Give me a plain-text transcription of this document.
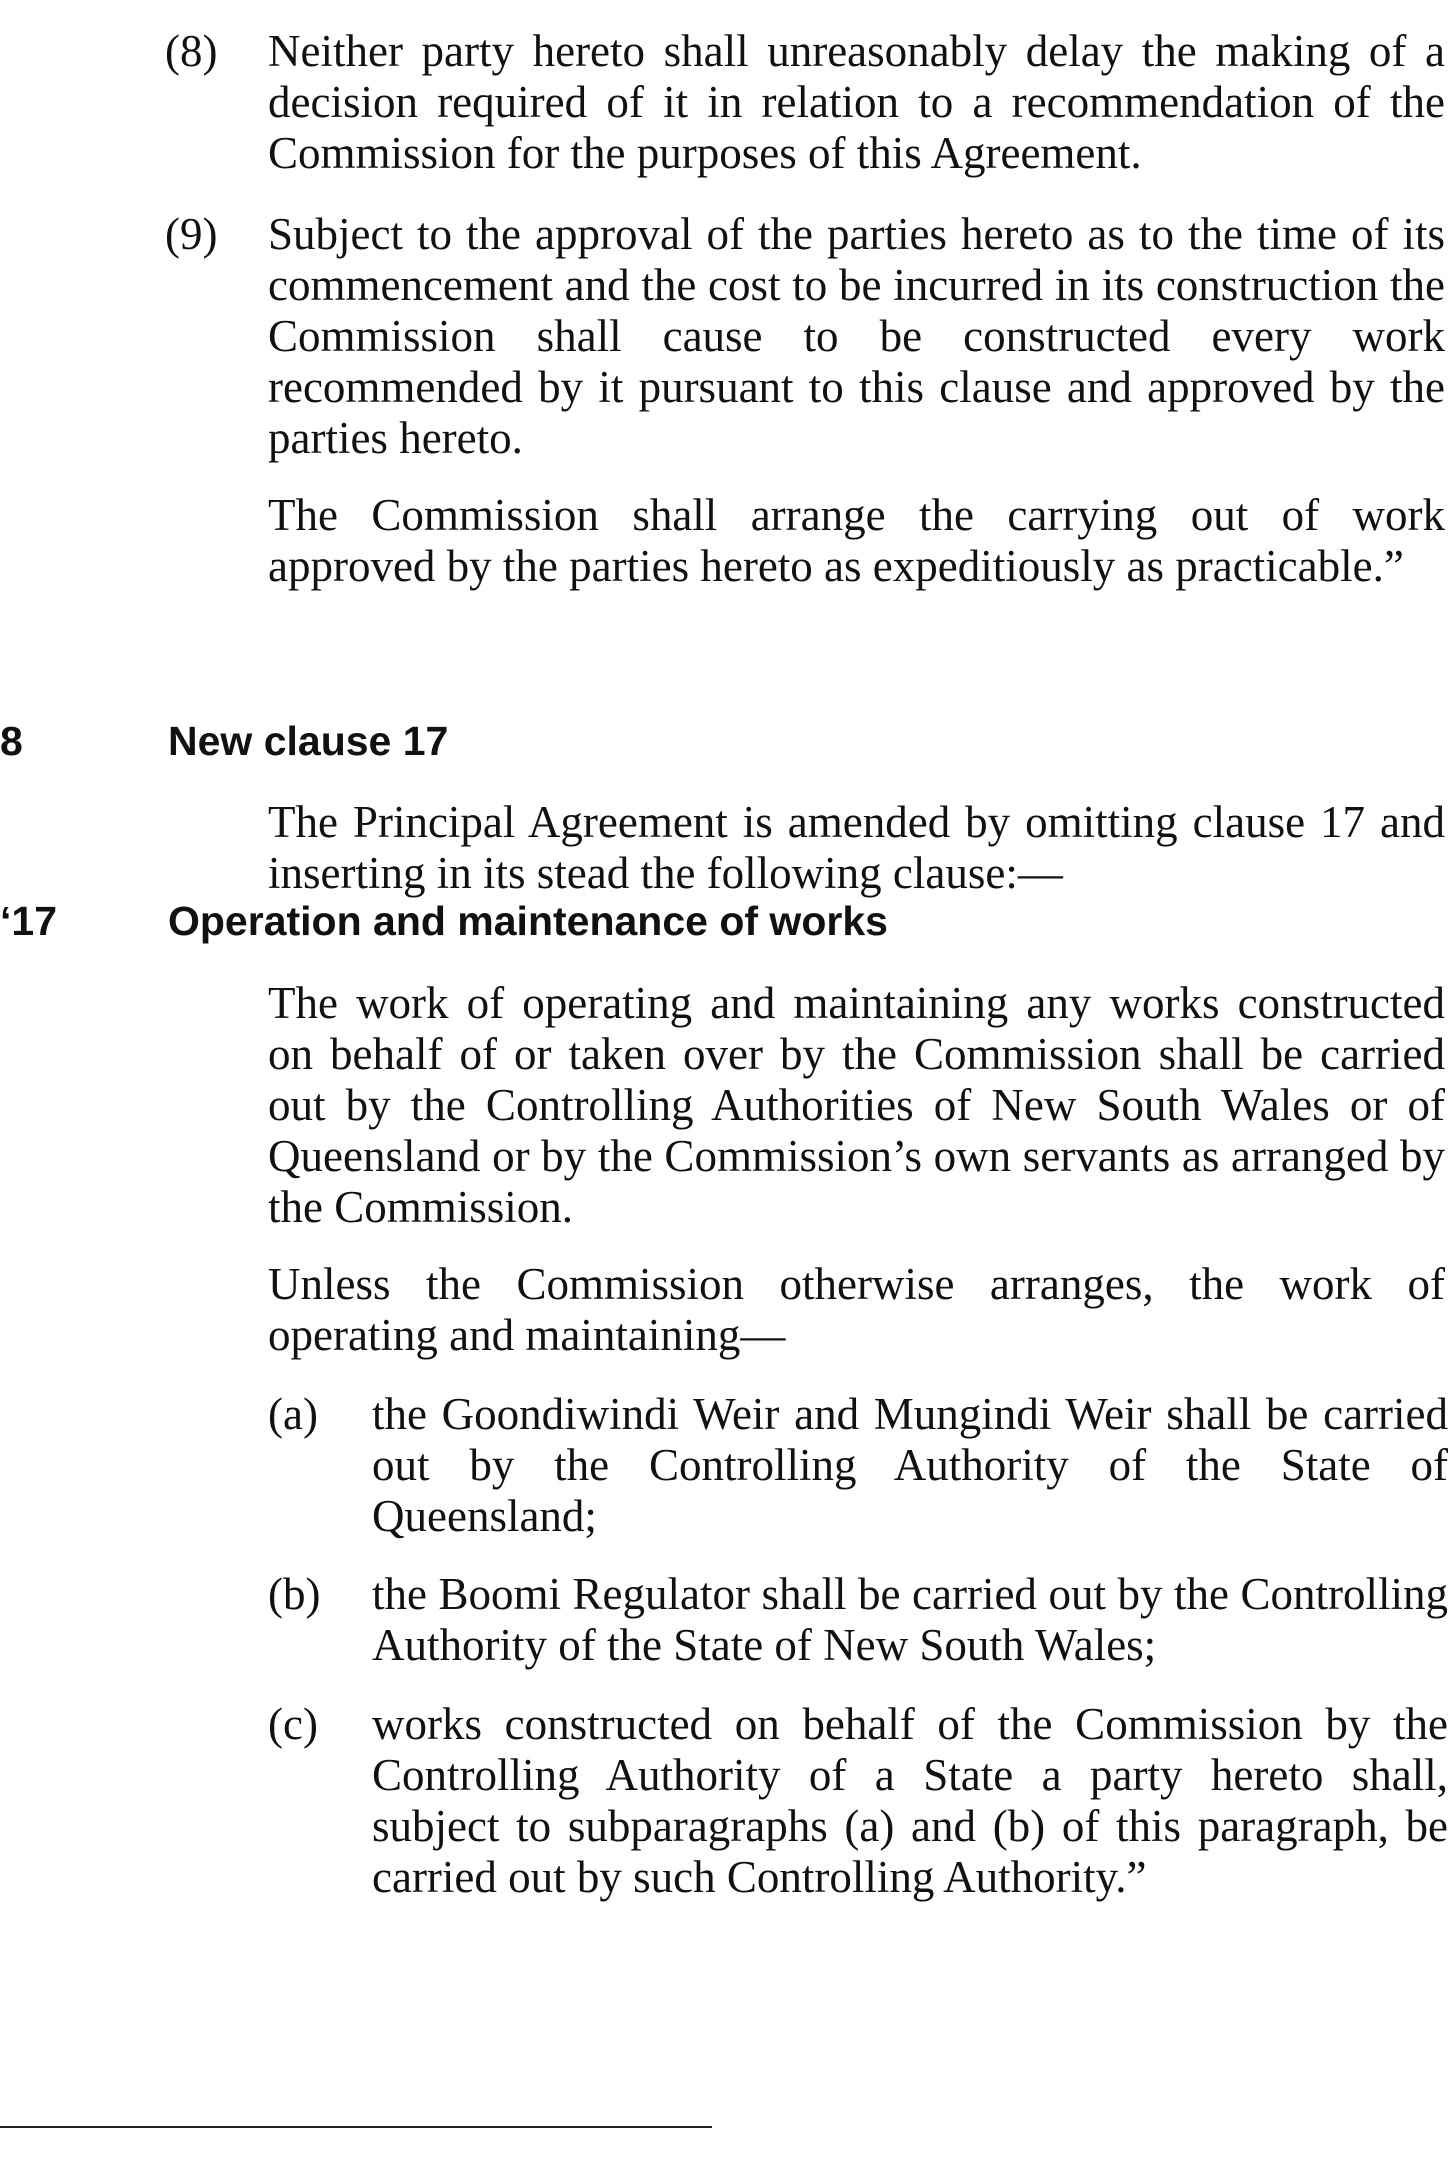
(8) Neither party hereto shall unreasonably delay the making of a decision required of it in relation to a recommendation of the Commission for the purposes of this Agreement.
(9) Subject to the approval of the parties hereto as to the time of its commencement and the cost to be incurred in its construction the Commission shall cause to be constructed every work recommended by it pursuant to this clause and approved by the parties hereto.
The Commission shall arrange the carrying out of work approved by the parties hereto as expeditiously as practicable.”
8	New clause 17
The Principal Agreement is amended by omitting clause 17 and inserting in its stead the following clause:—
‘17	Operation and maintenance of works
The work of operating and maintaining any works constructed on behalf of or taken over by the Commission shall be carried out by the Controlling Authorities of New South Wales or of Queensland or by the Commission’s own servants as arranged by the Commission.
Unless the Commission otherwise arranges, the work of operating and maintaining—
(a) the Goondiwindi Weir and Mungindi Weir shall be carried out by the Controlling Authority of the State of Queensland;
(b) the Boomi Regulator shall be carried out by the Controlling Authority of the State of New South Wales;
(c) works constructed on behalf of the Commission by the Controlling Authority of a State a party hereto shall, subject to subparagraphs (a) and (b) of this paragraph, be carried out by such Controlling Authority.”
